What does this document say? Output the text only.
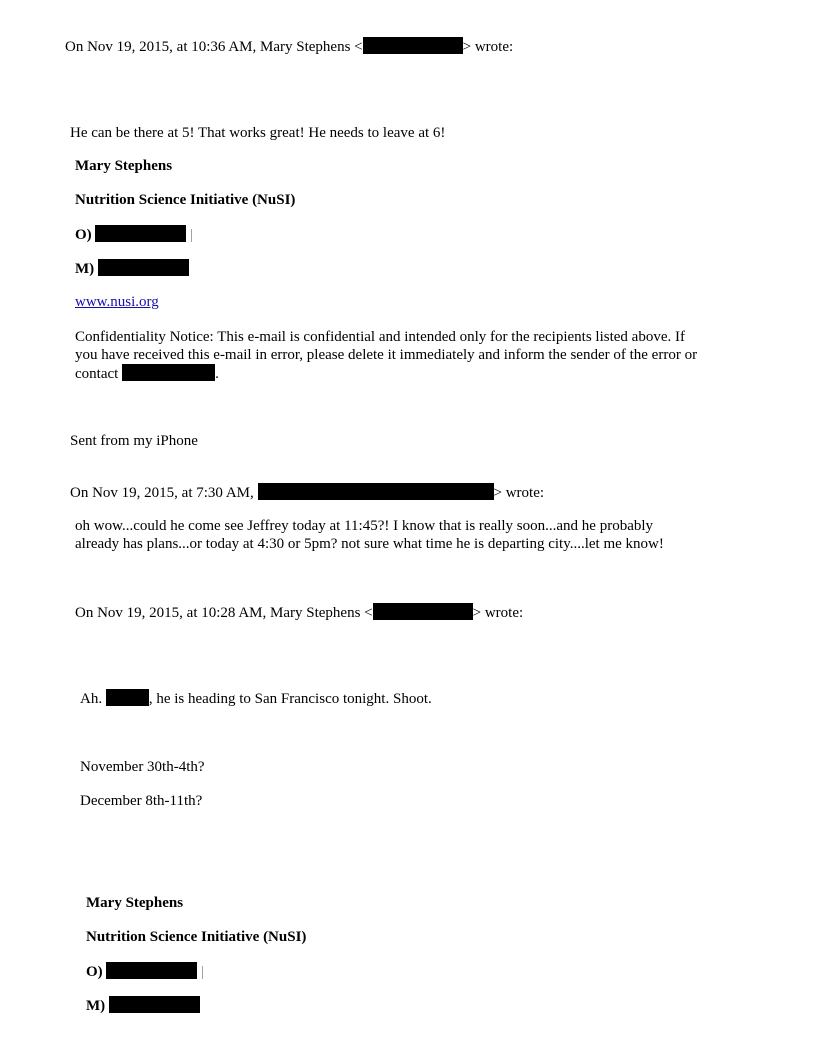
On Nov 19, 2015, at 10:36 AM, Mary Stephens <	> wrote:
He can be there at 5! That works great! He needs to leave at 6!
Mary Stephens
Nutrition Science Initiative (NuSI)
O)	|
M)
www.nusi.org
Confidentiality Notice: This e-mail is confidential and intended only for the recipients listed above. If
you have received this e-mail in error, please delete it immediately and inform the sender of the error or
contact	.
Sent from my iPhone
On Nov 19, 2015, at 7:30 AM,	> wrote:
oh wow...could he come see Jeffrey today at 11:45?! I know that is really soon...and he probably
already has plans...or today at 4:30 or 5pm? not sure what time he is departing city....let me know!
On Nov 19, 2015, at 10:28 AM, Mary Stephens <	> wrote:
Ah.	, he is heading to San Francisco tonight. Shoot.
November 30th-4th?
December 8th-11th?
Mary Stephens
Nutrition Science Initiative (NuSI)
O)	|
M)
